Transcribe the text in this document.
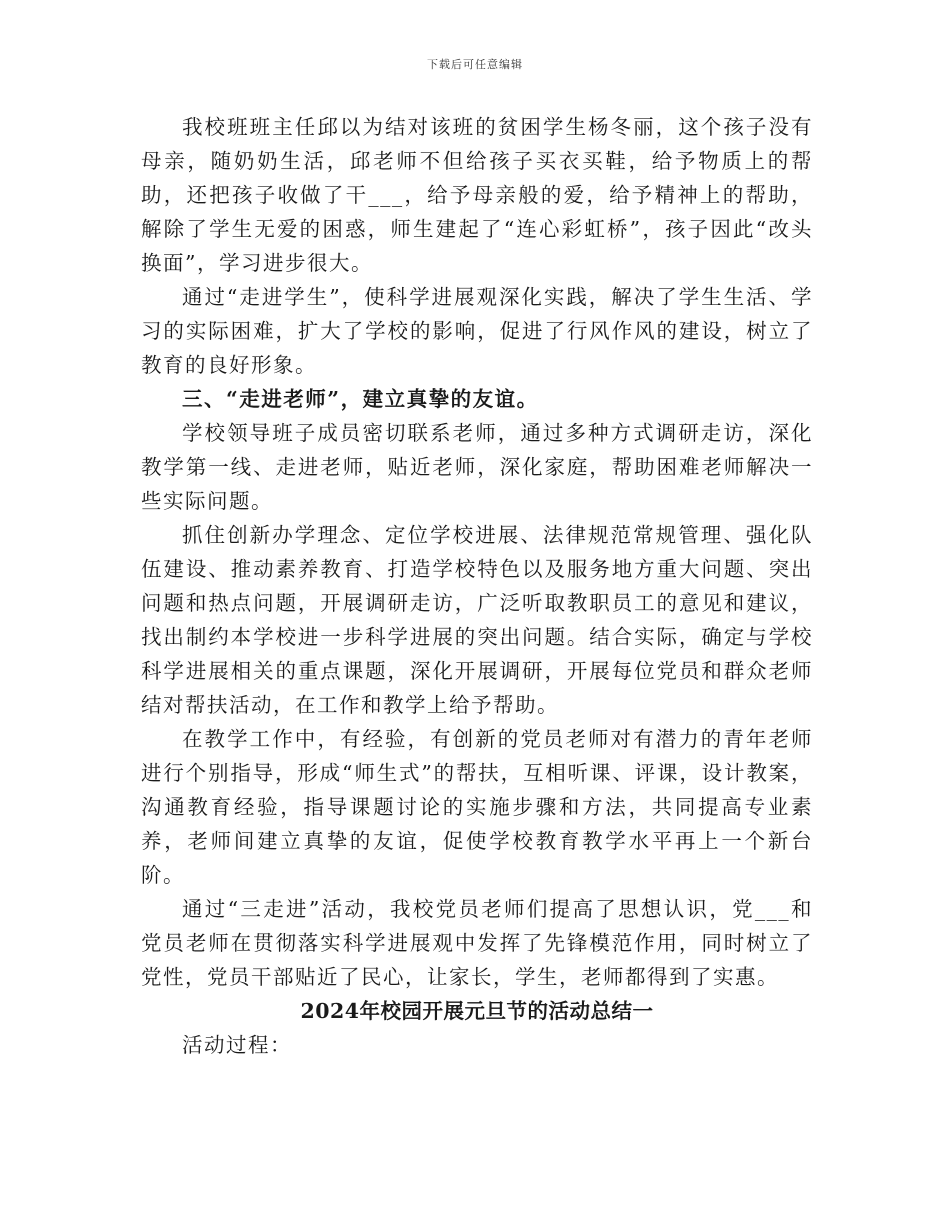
下载后可任意编辑

我校班班主任邱以为结对该班的贫困学生杨冬丽，这个孩子没有母亲，随奶奶生活，邱老师不但给孩子买衣买鞋，给予物质上的帮助，还把孩子收做了干___，给予母亲般的爱，给予精神上的帮助，解除了学生无爱的困惑，师生建起了“连心彩虹桥”，孩子因此“改头换面”，学习进步很大。

通过“走进学生”，使科学进展观深化实践，解决了学生生活、学习的实际困难，扩大了学校的影响，促进了行风作风的建设，树立了教育的良好形象。

三、“走进老师”，建立真挚的友谊。

学校领导班子成员密切联系老师，通过多种方式调研走访，深化教学第一线、走进老师，贴近老师，深化家庭，帮助困难老师解决一些实际问题。

抓住创新办学理念、定位学校进展、法律规范常规管理、强化队伍建设、推动素养教育、打造学校特色以及服务地方重大问题、突出问题和热点问题，开展调研走访，广泛听取教职员工的意见和建议，找出制约本学校进一步科学进展的突出问题。结合实际，确定与学校科学进展相关的重点课题，深化开展调研，开展每位党员和群众老师结对帮扶活动，在工作和教学上给予帮助。

在教学工作中，有经验，有创新的党员老师对有潜力的青年老师进行个别指导，形成“师生式”的帮扶，互相听课、评课，设计教案，沟通教育经验，指导课题讨论的实施步骤和方法，共同提高专业素养，老师间建立真挚的友谊，促使学校教育教学水平再上一个新台阶。

通过“三走进”活动，我校党员老师们提高了思想认识，党___和党员老师在贯彻落实科学进展观中发挥了先锋模范作用，同时树立了党性，党员干部贴近了民心，让家长，学生，老师都得到了实惠。

2024年校园开展元旦节的活动总结一

活动过程：
